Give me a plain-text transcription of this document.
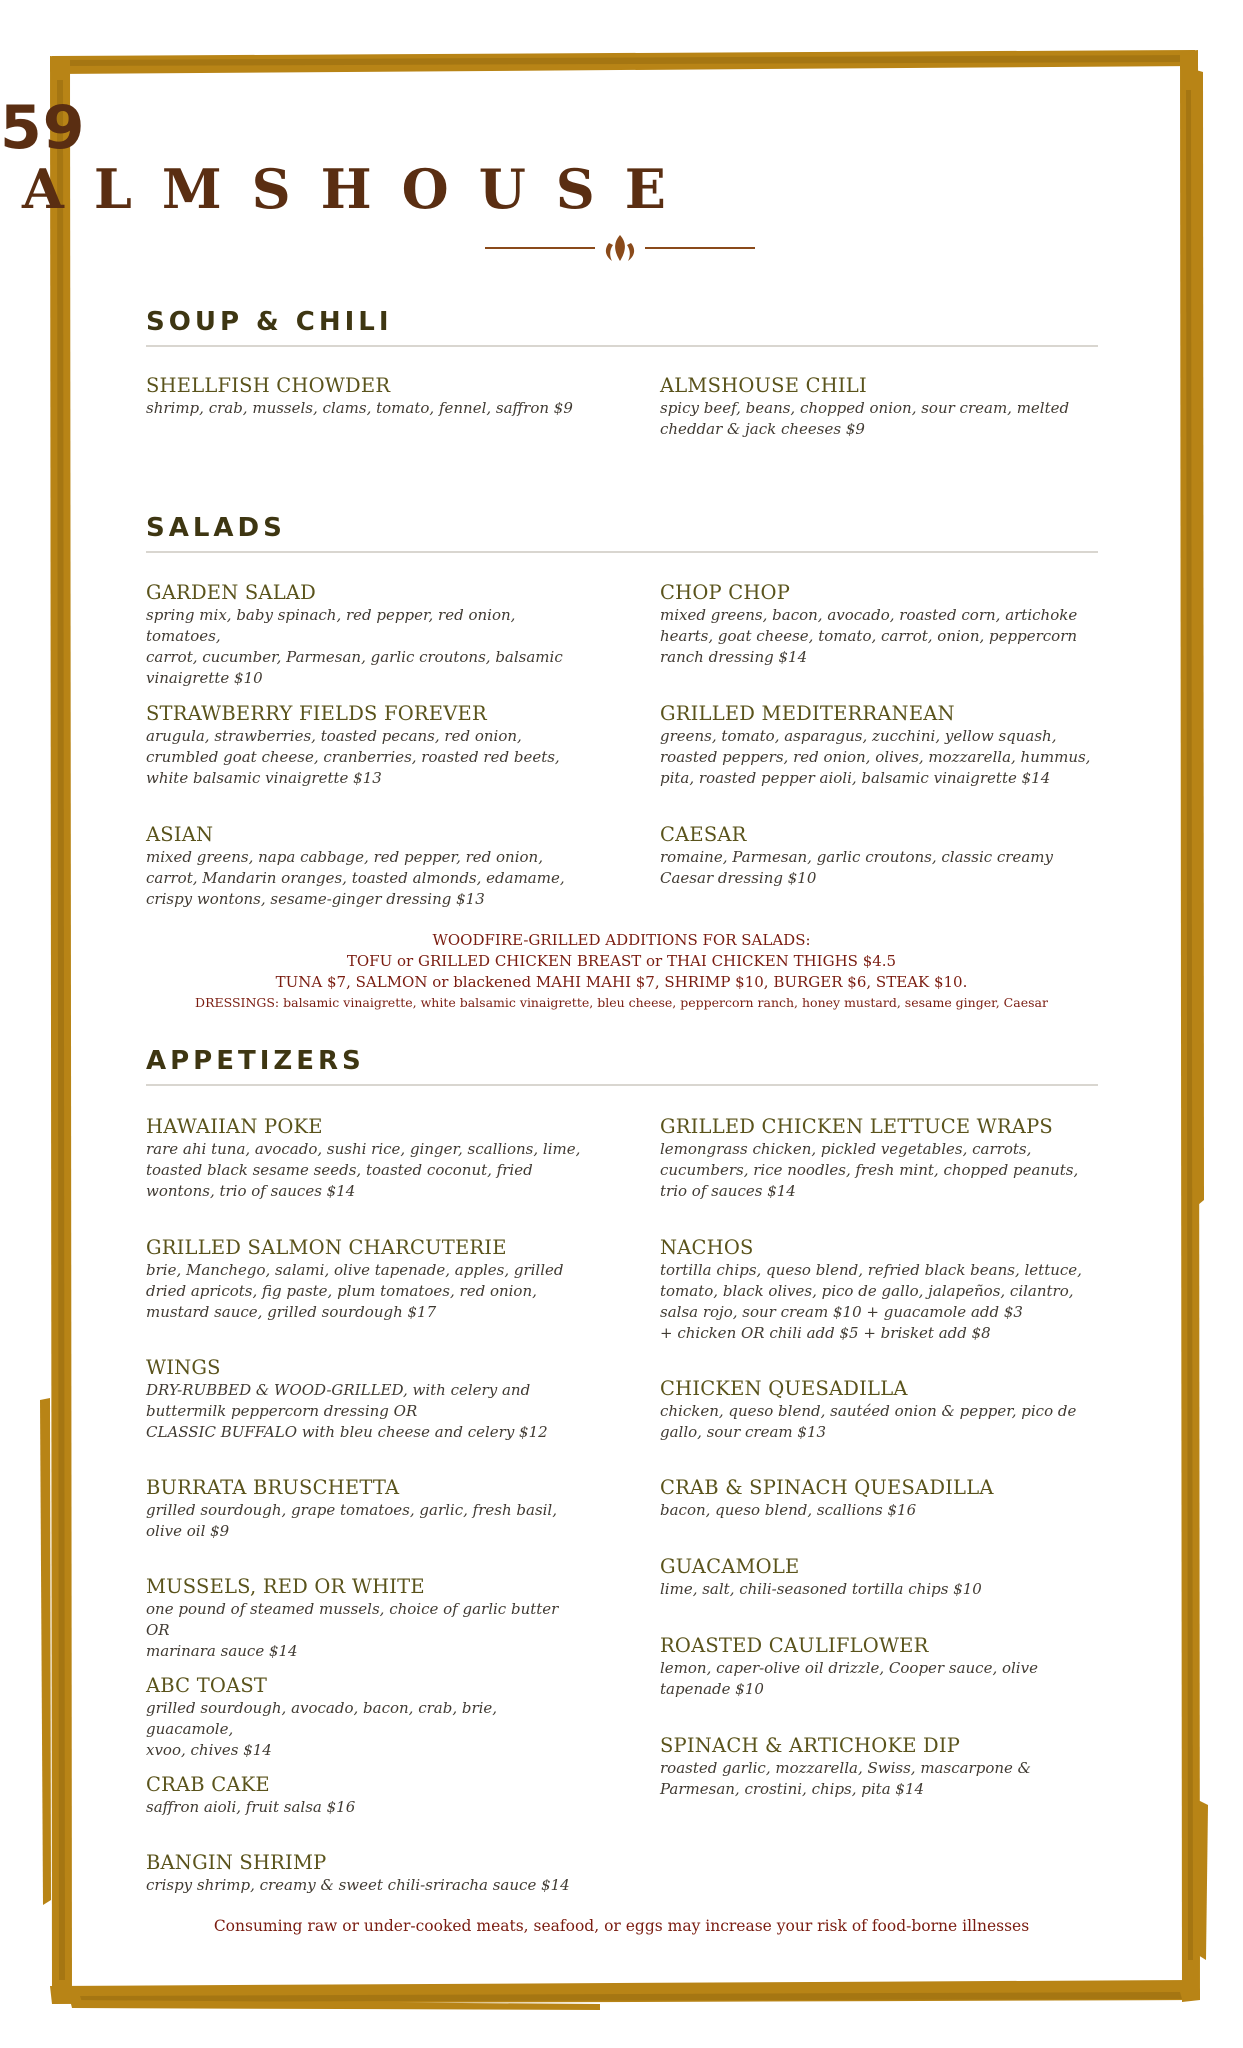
59
ALMSHOUSE
SOUP & CHILI
SHELLFISH CHOWDER
shrimp, crab, mussels, clams, tomato, fennel, saffron $9
ALMSHOUSE CHILI
spicy beef, beans, chopped onion, sour cream, melted
cheddar & jack cheeses $9
SALADS
GARDEN SALAD
spring mix, baby spinach, red pepper, red onion, tomatoes,
carrot, cucumber, Parmesan, garlic croutons, balsamic
vinaigrette $10
CHOP CHOP
mixed greens, bacon, avocado, roasted corn, artichoke
hearts, goat cheese, tomato, carrot, onion, peppercorn
ranch dressing $14
STRAWBERRY FIELDS FOREVER
arugula, strawberries, toasted pecans, red onion,
crumbled goat cheese, cranberries, roasted red beets,
white balsamic vinaigrette $13
GRILLED MEDITERRANEAN
greens, tomato, asparagus, zucchini, yellow squash,
roasted peppers, red onion, olives, mozzarella, hummus,
pita, roasted pepper aioli, balsamic vinaigrette $14
ASIAN
mixed greens, napa cabbage, red pepper, red onion,
carrot, Mandarin oranges, toasted almonds, edamame,
crispy wontons, sesame-ginger dressing $13
CAESAR
romaine, Parmesan, garlic croutons, classic creamy
Caesar dressing $10
WOODFIRE-GRILLED ADDITIONS FOR SALADS:
TOFU or GRILLED CHICKEN BREAST or THAI CHICKEN THIGHS $4.5
TUNA $7, SALMON or blackened MAHI MAHI $7, SHRIMP $10, BURGER $6, STEAK $10.
DRESSINGS: balsamic vinaigrette, white balsamic vinaigrette, bleu cheese, peppercorn ranch, honey mustard, sesame ginger, Caesar
APPETIZERS
HAWAIIAN POKE
rare ahi tuna, avocado, sushi rice, ginger, scallions, lime,
toasted black sesame seeds, toasted coconut, fried
wontons, trio of sauces $14
GRILLED SALMON CHARCUTERIE
brie, Manchego, salami, olive tapenade, apples, grilled
dried apricots, fig paste, plum tomatoes, red onion,
mustard sauce, grilled sourdough $17
WINGS
DRY-RUBBED & WOOD-GRILLED, with celery and
buttermilk peppercorn dressing OR
CLASSIC BUFFALO with bleu cheese and celery $12
BURRATA BRUSCHETTA
grilled sourdough, grape tomatoes, garlic, fresh basil,
olive oil $9
MUSSELS, RED OR WHITE
one pound of steamed mussels, choice of garlic butter OR
marinara sauce $14
ABC TOAST
grilled sourdough, avocado, bacon, crab, brie, guacamole,
xvoo, chives $14
CRAB CAKE
saffron aioli, fruit salsa $16
BANGIN SHRIMP
crispy shrimp, creamy & sweet chili-sriracha sauce $14
GRILLED CHICKEN LETTUCE WRAPS
lemongrass chicken, pickled vegetables, carrots,
cucumbers, rice noodles, fresh mint, chopped peanuts,
trio of sauces $14
NACHOS
tortilla chips, queso blend, refried black beans, lettuce,
tomato, black olives, pico de gallo, jalapeños, cilantro,
salsa rojo, sour cream $10 + guacamole add $3
+ chicken OR chili add $5 + brisket add $8
CHICKEN QUESADILLA
chicken, queso blend, sautéed onion & pepper, pico de
gallo, sour cream $13
CRAB & SPINACH QUESADILLA
bacon, queso blend, scallions $16
GUACAMOLE
lime, salt, chili-seasoned tortilla chips $10
ROASTED CAULIFLOWER
lemon, caper-olive oil drizzle, Cooper sauce, olive
tapenade $10
SPINACH & ARTICHOKE DIP
roasted garlic, mozzarella, Swiss, mascarpone &
Parmesan, crostini, chips, pita $14
Consuming raw or under-cooked meats, seafood, or eggs may increase your risk of food-borne illnesses
